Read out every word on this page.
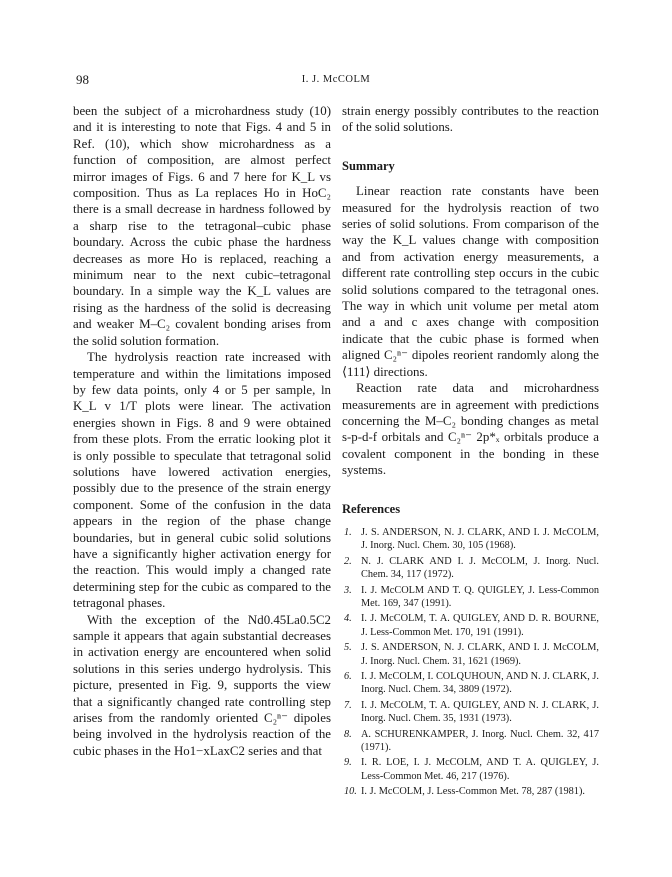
98	I. J. McCOLM

been the subject of a microhardness study (10) and it is interesting to note that Figs. 4 and 5 in Ref. (10), which show microhardness as a function of composition, are almost perfect mirror images of Figs. 6 and 7 here for K_L vs composition. Thus as La replaces Ho in HoC₂ there is a small decrease in hardness followed by a sharp rise to the tetragonal–cubic phase boundary. Across the cubic phase the hardness decreases as more Ho is replaced, reaching a minimum near to the next cubic–tetragonal boundary. In a simple way the K_L values are rising as the hardness of the solid is decreasing and weaker M–C₂ covalent bonding arises from the solid solution formation.

The hydrolysis reaction rate increased with temperature and within the limitations imposed by few data points, only 4 or 5 per sample, ln K_L v 1/T plots were linear. The activation energies shown in Figs. 8 and 9 were obtained from these plots. From the erratic looking plot it is only possible to speculate that tetragonal solid solutions have lowered activation energies, possibly due to the presence of the strain energy component. Some of the confusion in the data appears in the region of the phase change boundaries, but in general cubic solid solutions have a significantly higher activation energy for the reaction. This would imply a changed rate determining step for the cubic as compared to the tetragonal phases.

With the exception of the Nd0.45La0.5C2 sample it appears that again substantial decreases in activation energy are encountered when solid solutions in this series undergo hydrolysis. This picture, presented in Fig. 9, supports the view that a significantly changed rate controlling step arises from the randomly oriented C₂ⁿ⁻ dipoles being involved in the hydrolysis reaction of the cubic phases in the Ho1−xLaxC2 series and that

strain energy possibly contributes to the reaction of the solid solutions.

Summary

Linear reaction rate constants have been measured for the hydrolysis reaction of two series of solid solutions. From comparison of the way the K_L values change with composition and from activation energy measurements, a different rate controlling step occurs in the cubic solid solutions compared to the tetragonal ones. The way in which unit volume per metal atom and a and c axes change with composition indicate that the cubic phase is formed when aligned C₂ⁿ⁻ dipoles reorient randomly along the ⟨111⟩ directions.

Reaction rate data and microhardness measurements are in agreement with predictions concerning the M–C₂ bonding changes as metal s-p-d-f orbitals and C₂ⁿ⁻ 2p*ₓ orbitals produce a covalent component in the bonding in these systems.

References
1. J. S. ANDERSON, N. J. CLARK, AND I. J. McCOLM, J. Inorg. Nucl. Chem. 30, 105 (1968).
2. N. J. CLARK AND I. J. McCOLM, J. Inorg. Nucl. Chem. 34, 117 (1972).
3. I. J. McCOLM AND T. Q. QUIGLEY, J. Less-Common Met. 169, 347 (1991).
4. I. J. McCOLM, T. A. QUIGLEY, AND D. R. BOURNE, J. Less-Common Met. 170, 191 (1991).
5. J. S. ANDERSON, N. J. CLARK, AND I. J. McCOLM, J. Inorg. Nucl. Chem. 31, 1621 (1969).
6. I. J. McCOLM, I. COLQUHOUN, AND N. J. CLARK, J. Inorg. Nucl. Chem. 34, 3809 (1972).
7. I. J. McCOLM, T. A. QUIGLEY, AND N. J. CLARK, J. Inorg. Nucl. Chem. 35, 1931 (1973).
8. A. SCHURENKAMPER, J. Inorg. Nucl. Chem. 32, 417 (1971).
9. I. R. LOE, I. J. McCOLM, AND T. A. QUIGLEY, J. Less-Common Met. 46, 217 (1976).
10. I. J. McCOLM, J. Less-Common Met. 78, 287 (1981).
